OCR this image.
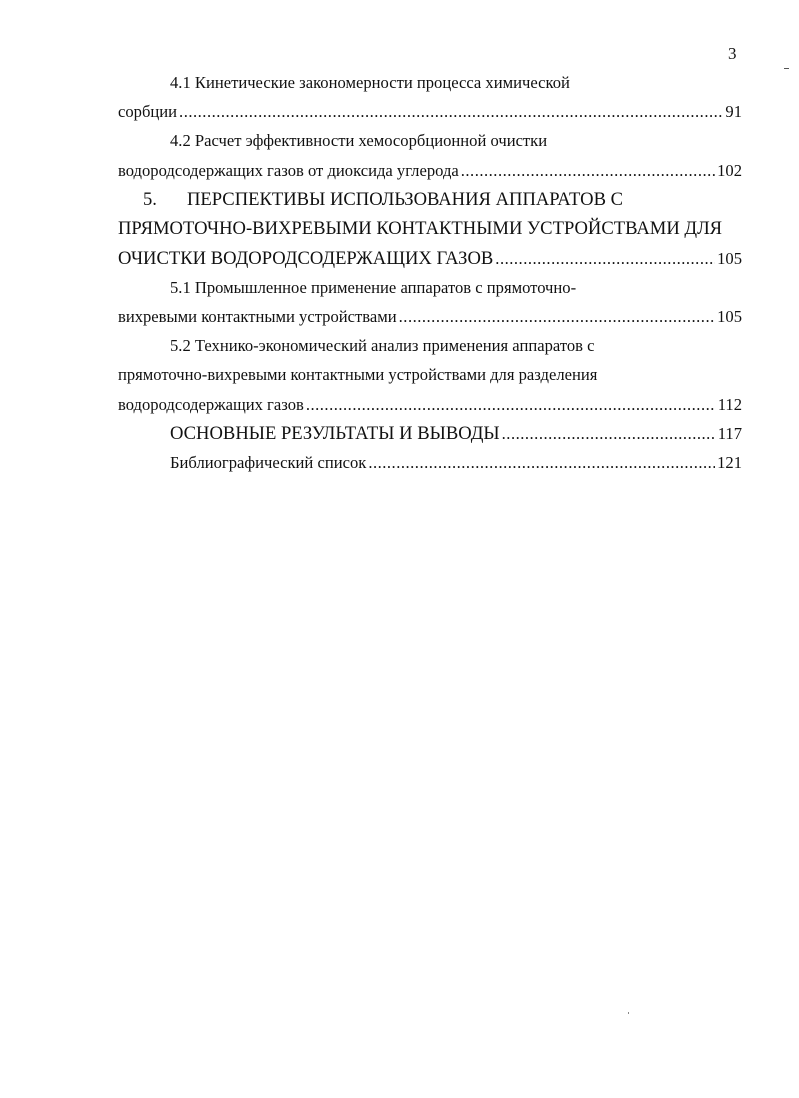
3
4.1 Кинетические закономерности процесса химической
сорбции .....	91
4.2 Расчет эффективности хемосорбционной очистки
водородсодержащих газов от диоксида углерода .....	102
5. ПЕРСПЕКТИВЫ ИСПОЛЬЗОВАНИЯ АППАРАТОВ С
ПРЯМОТОЧНО-ВИХРЕВЫМИ КОНТАКТНЫМИ УСТРОЙСТВАМИ ДЛЯ
ОЧИСТКИ ВОДОРОДСОДЕРЖАЩИХ ГАЗОВ .....	105
5.1 Промышленное применение аппаратов с прямоточно-
вихревыми контактными устройствами .....	105
5.2 Технико-экономический анализ применения аппаратов с
прямоточно-вихревыми контактными устройствами для разделения
водородсодержащих газов .....	112
ОСНОВНЫЕ РЕЗУЛЬТАТЫ И ВЫВОДЫ .....	117
Библиографический список .....	121
